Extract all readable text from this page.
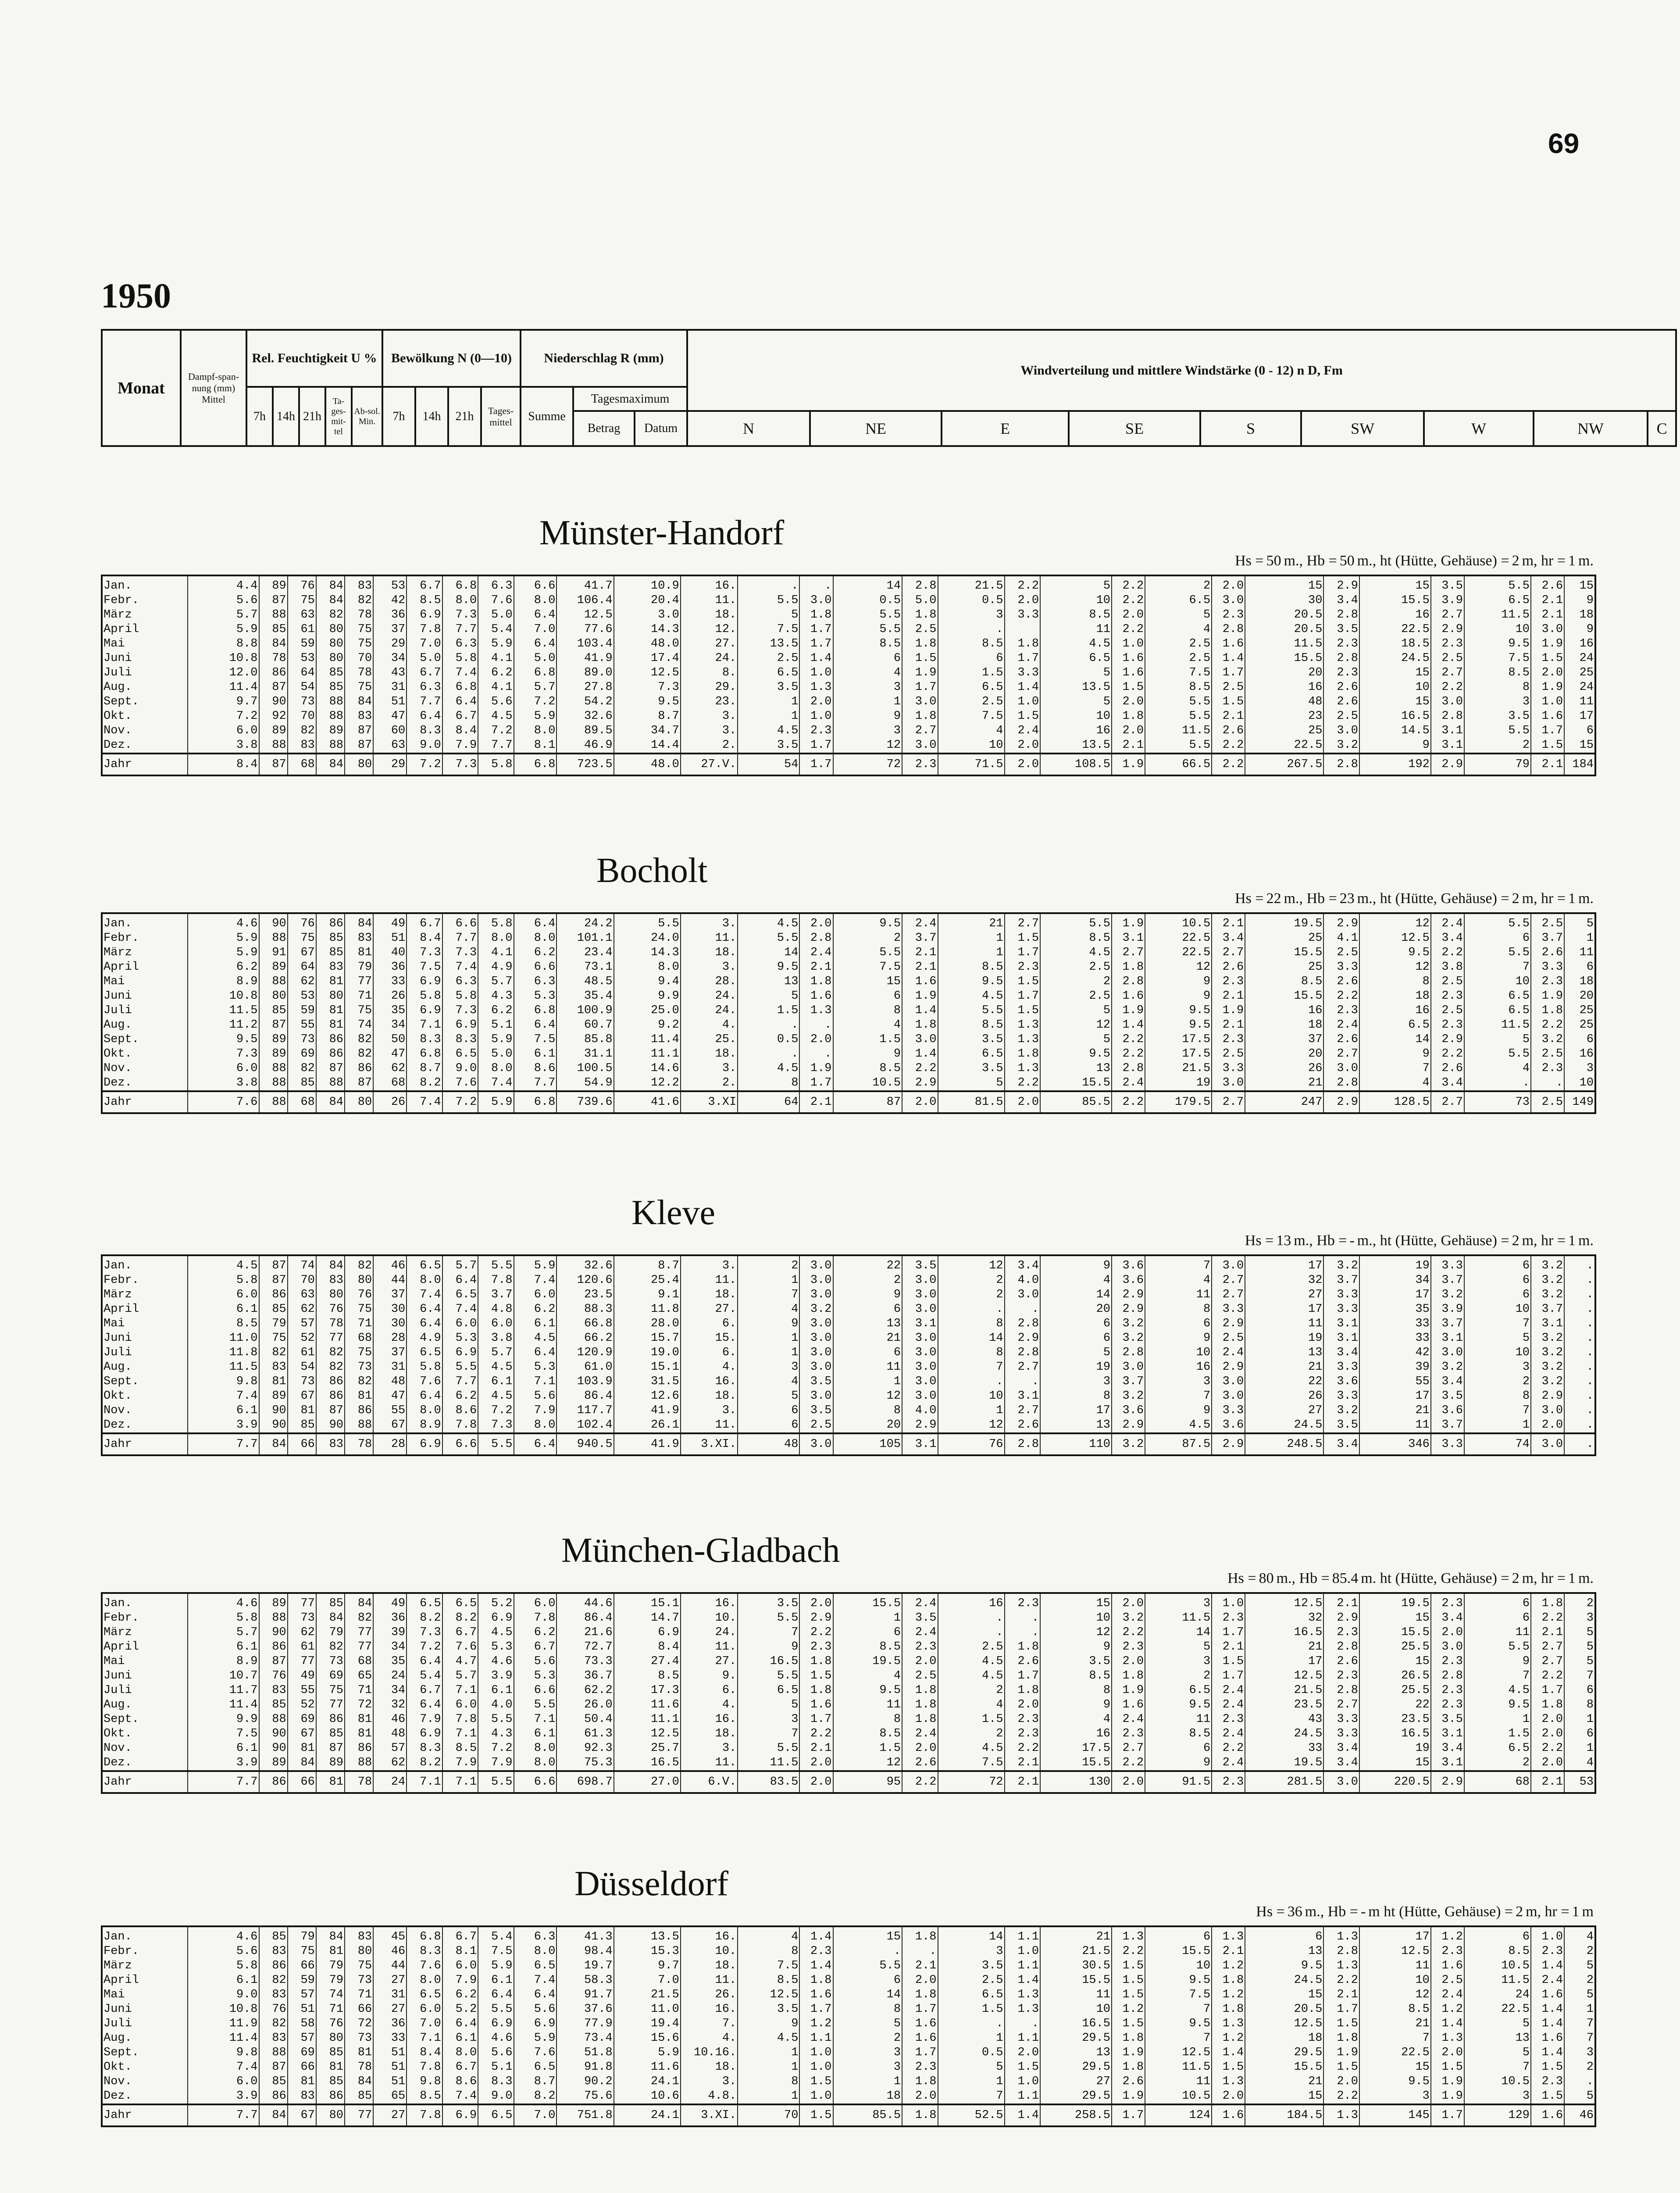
69
1950
Monat	Dampf-span-nung (mm) Mittel	Rel. Feuchtigkeit U %					Bewölkung N (0—10)				Niederschlag R (mm)			Windverteilung und mittlere Windstärke (0 - 12) n D, Fm								
		7h	14h	21h	Ta-ges-mit-tel	Ab-sol. Min.	7h	14h	21h	Tages-mittel	Summe	Tagesmaximum										
												Betrag	Datum	N	NE	E	SE	S	SW	W	NW	C
Münster-Handorf
Hs = 50 m., Hb = 50 m., ht (Hütte, Gehäuse) = 2 m, hr = 1 m.
Jan.	4.4	89	76	84	83	53	6.7	6.8	6.3	6.6	41.7	10.9	16.	.	.	14	2.8	21.5	2.2	5	2.2	2	2.0	15	2.9	15	3.5	5.5	2.6	15
Febr.	5.6	87	75	84	82	42	8.5	8.0	7.6	8.0	106.4	20.4	11.	5.5	3.0	0.5	5.0	0.5	2.0	10	2.2	6.5	3.0	30	3.4	15.5	3.9	6.5	2.1	9
März	5.7	88	63	82	78	36	6.9	7.3	5.0	6.4	12.5	3.0	18.	5	1.8	5.5	1.8	3	3.3	8.5	2.0	5	2.3	20.5	2.8	16	2.7	11.5	2.1	18
April	5.9	85	61	80	75	37	7.8	7.7	5.4	7.0	77.6	14.3	12.	7.5	1.7	5.5	2.5	.		11	2.2	4	2.8	20.5	3.5	22.5	2.9	10	3.0	9
Mai	8.8	84	59	80	75	29	7.0	6.3	5.9	6.4	103.4	48.0	27.	13.5	1.7	8.5	1.8	8.5	1.8	4.5	1.0	2.5	1.6	11.5	2.3	18.5	2.3	9.5	1.9	16
Juni	10.8	78	53	80	70	34	5.0	5.8	4.1	5.0	41.9	17.4	24.	2.5	1.4	6	1.5	6	1.7	6.5	1.6	2.5	1.4	15.5	2.8	24.5	2.5	7.5	1.5	24
Juli	12.0	86	64	85	78	43	6.7	7.4	6.2	6.8	89.0	12.5	8.	6.5	1.0	4	1.9	1.5	3.3	5	1.6	7.5	1.7	20	2.3	15	2.7	8.5	2.0	25
Aug.	11.4	87	54	85	75	31	6.3	6.8	4.1	5.7	27.8	7.3	29.	3.5	1.3	3	1.7	6.5	1.4	13.5	1.5	8.5	2.5	16	2.6	10	2.2	8	1.9	24
Sept.	9.7	90	73	88	84	51	7.7	6.4	5.6	7.2	54.2	9.5	23.	1	2.0	1	3.0	2.5	1.0	5	2.0	5.5	1.5	48	2.6	15	3.0	3	1.0	11
Okt.	7.2	92	70	88	83	47	6.4	6.7	4.5	5.9	32.6	8.7	3.	1	1.0	9	1.8	7.5	1.5	10	1.8	5.5	2.1	23	2.5	16.5	2.8	3.5	1.6	17
Nov.	6.0	89	82	89	87	60	8.3	8.4	7.2	8.0	89.5	34.7	3.	4.5	2.3	3	2.7	4	2.4	16	2.0	11.5	2.6	25	3.0	14.5	3.1	5.5	1.7	6
Dez.	3.8	88	83	88	87	63	9.0	7.9	7.7	8.1	46.9	14.4	2.	3.5	1.7	12	3.0	10	2.0	13.5	2.1	5.5	2.2	22.5	3.2	9	3.1	2	1.5	15
Jahr	8.4	87	68	84	80	29	7.2	7.3	5.8	6.8	723.5	48.0	27.V.	54	1.7	72	2.3	71.5	2.0	108.5	1.9	66.5	2.2	267.5	2.8	192	2.9	79	2.1	184
Bocholt
Hs = 22 m., Hb = 23 m., ht (Hütte, Gehäuse) = 2 m, hr = 1 m.
Jan.	4.6	90	76	86	84	49	6.7	6.6	5.8	6.4	24.2	5.5	3.	4.5	2.0	9.5	2.4	21	2.7	5.5	1.9	10.5	2.1	19.5	2.9	12	2.4	5.5	2.5	5
Febr.	5.9	88	75	85	83	51	8.4	7.7	8.0	8.0	101.1	24.0	11.	5.5	2.8	2	3.7	1	1.5	8.5	3.1	22.5	3.4	25	4.1	12.5	3.4	6	3.7	1
März	5.9	91	67	85	81	40	7.3	7.3	4.1	6.2	23.4	14.3	18.	14	2.4	5.5	2.1	1	1.7	4.5	2.7	22.5	2.7	15.5	2.5	9.5	2.2	5.5	2.6	11
April	6.2	89	64	83	79	36	7.5	7.4	4.9	6.6	73.1	8.0	3.	9.5	2.1	7.5	2.1	8.5	2.3	2.5	1.8	12	2.6	25	3.3	12	3.8	7	3.3	6
Mai	8.9	88	62	81	77	33	6.9	6.3	5.7	6.3	48.5	9.4	28.	13	1.8	15	1.6	9.5	1.5	2	2.8	9	2.3	8.5	2.6	8	2.5	10	2.3	18
Juni	10.8	80	53	80	71	26	5.8	5.8	4.3	5.3	35.4	9.9	24.	5	1.6	6	1.9	4.5	1.7	2.5	1.6	9	2.1	15.5	2.2	18	2.3	6.5	1.9	20
Juli	11.5	85	59	81	75	35	6.9	7.3	6.2	6.8	100.9	25.0	24.	1.5	1.3	8	1.4	5.5	1.5	5	1.9	9.5	1.9	16	2.3	16	2.5	6.5	1.8	25
Aug.	11.2	87	55	81	74	34	7.1	6.9	5.1	6.4	60.7	9.2	4.	.	.	4	1.8	8.5	1.3	12	1.4	9.5	2.1	18	2.4	6.5	2.3	11.5	2.2	25
Sept.	9.5	89	73	86	82	50	8.3	8.3	5.9	7.5	85.8	11.4	25.	0.5	2.0	1.5	3.0	3.5	1.3	5	2.2	17.5	2.3	37	2.6	14	2.9	5	3.2	6
Okt.	7.3	89	69	86	82	47	6.8	6.5	5.0	6.1	31.1	11.1	18.	.	.	9	1.4	6.5	1.8	9.5	2.2	17.5	2.5	20	2.7	9	2.2	5.5	2.5	16
Nov.	6.0	88	82	87	86	62	8.7	9.0	8.0	8.6	100.5	14.6	3.	4.5	1.9	8.5	2.2	3.5	1.3	13	2.8	21.5	3.3	26	3.0	7	2.6	4	2.3	3
Dez.	3.8	88	85	88	87	68	8.2	7.6	7.4	7.7	54.9	12.2	2.	8	1.7	10.5	2.9	5	2.2	15.5	2.4	19	3.0	21	2.8	4	3.4	.	.	10
Jahr	7.6	88	68	84	80	26	7.4	7.2	5.9	6.8	739.6	41.6	3.XI	64	2.1	87	2.0	81.5	2.0	85.5	2.2	179.5	2.7	247	2.9	128.5	2.7	73	2.5	149
Kleve
Hs = 13 m., Hb = - m., ht (Hütte, Gehäuse) = 2 m, hr = 1 m.
Jan.	4.5	87	74	84	82	46	6.5	5.7	5.5	5.9	32.6	8.7	3.	2	3.0	22	3.5	12	3.4	9	3.6	7	3.0	17	3.2	19	3.3	6	3.2	.
Febr.	5.8	87	70	83	80	44	8.0	6.4	7.8	7.4	120.6	25.4	11.	1	3.0	2	3.0	2	4.0	4	3.6	4	2.7	32	3.7	34	3.7	6	3.2	.
März	6.0	86	63	80	76	37	7.4	6.5	3.7	6.0	23.5	9.1	18.	7	3.0	9	3.0	2	3.0	14	2.9	11	2.7	27	3.3	17	3.2	6	3.2	.
April	6.1	85	62	76	75	30	6.4	7.4	4.8	6.2	88.3	11.8	27.	4	3.2	6	3.0	.	.	20	2.9	8	3.3	17	3.3	35	3.9	10	3.7	.
Mai	8.5	79	57	78	71	30	6.4	6.0	6.0	6.1	66.8	28.0	6.	9	3.0	13	3.1	8	2.8	6	3.2	6	2.9	11	3.1	33	3.7	7	3.1	.
Juni	11.0	75	52	77	68	28	4.9	5.3	3.8	4.5	66.2	15.7	15.	1	3.0	21	3.0	14	2.9	6	3.2	9	2.5	19	3.1	33	3.1	5	3.2	.
Juli	11.8	82	61	82	75	37	6.5	6.9	5.7	6.4	120.9	19.0	6.	1	3.0	6	3.0	8	2.8	5	2.8	10	2.4	13	3.4	42	3.0	10	3.2	.
Aug.	11.5	83	54	82	73	31	5.8	5.5	4.5	5.3	61.0	15.1	4.	3	3.0	11	3.0	7	2.7	19	3.0	16	2.9	21	3.3	39	3.2	3	3.2	.
Sept.	9.8	81	73	86	82	48	7.6	7.7	6.1	7.1	103.9	31.5	16.	4	3.5	1	3.0	.	.	3	3.7	3	3.0	22	3.6	55	3.4	2	3.2	.
Okt.	7.4	89	67	86	81	47	6.4	6.2	4.5	5.6	86.4	12.6	18.	5	3.0	12	3.0	10	3.1	8	3.2	7	3.0	26	3.3	17	3.5	8	2.9	.
Nov.	6.1	90	81	87	86	55	8.0	8.6	7.2	7.9	117.7	41.9	3.	6	3.5	8	4.0	1	2.7	17	3.6	9	3.3	27	3.2	21	3.6	7	3.0	.
Dez.	3.9	90	85	90	88	67	8.9	7.8	7.3	8.0	102.4	26.1	11.	6	2.5	20	2.9	12	2.6	13	2.9	4.5	3.6	24.5	3.5	11	3.7	1	2.0	.
Jahr	7.7	84	66	83	78	28	6.9	6.6	5.5	6.4	940.5	41.9	3.XI.	48	3.0	105	3.1	76	2.8	110	3.2	87.5	2.9	248.5	3.4	346	3.3	74	3.0	.
München-Gladbach
Hs = 80 m., Hb = 85.4 m. ht (Hütte, Gehäuse) = 2 m, hr = 1 m.
Jan.	4.6	89	77	85	84	49	6.5	6.5	5.2	6.0	44.6	15.1	16.	3.5	2.0	15.5	2.4	16	2.3	15	2.0	3	1.0	12.5	2.1	19.5	2.3	6	1.8	2
Febr.	5.8	88	73	84	82	36	8.2	8.2	6.9	7.8	86.4	14.7	10.	5.5	2.9	1	3.5	.	.	10	3.2	11.5	2.3	32	2.9	15	3.4	6	2.2	3
März	5.7	90	62	79	77	39	7.3	6.7	4.5	6.2	21.6	6.9	24.	7	2.2	6	2.4	.	.	12	2.2	14	1.7	16.5	2.3	15.5	2.0	11	2.1	5
April	6.1	86	61	82	77	34	7.2	7.6	5.3	6.7	72.7	8.4	11.	9	2.3	8.5	2.3	2.5	1.8	9	2.3	5	2.1	21	2.8	25.5	3.0	5.5	2.7	5
Mai	8.9	87	77	73	68	35	6.4	4.7	4.6	5.6	73.3	27.4	27.	16.5	1.8	19.5	2.0	4.5	2.6	3.5	2.0	3	1.5	17	2.6	15	2.3	9	2.7	5
Juni	10.7	76	49	69	65	24	5.4	5.7	3.9	5.3	36.7	8.5	9.	5.5	1.5	4	2.5	4.5	1.7	8.5	1.8	2	1.7	12.5	2.3	26.5	2.8	7	2.2	7
Juli	11.7	83	55	75	71	34	6.7	7.1	6.1	6.6	62.2	17.3	6.	6.5	1.8	9.5	1.8	2	1.8	8	1.9	6.5	2.4	21.5	2.8	25.5	2.3	4.5	1.7	6
Aug.	11.4	85	52	77	72	32	6.4	6.0	4.0	5.5	26.0	11.6	4.	5	1.6	11	1.8	4	2.0	9	1.6	9.5	2.4	23.5	2.7	22	2.3	9.5	1.8	8
Sept.	9.9	88	69	86	81	46	7.9	7.8	5.5	7.1	50.4	11.1	16.	3	1.7	8	1.8	1.5	2.3	4	2.4	11	2.3	43	3.3	23.5	3.5	1	2.0	1
Okt.	7.5	90	67	85	81	48	6.9	7.1	4.3	6.1	61.3	12.5	18.	7	2.2	8.5	2.4	2	2.3	16	2.3	8.5	2.4	24.5	3.3	16.5	3.1	1.5	2.0	6
Nov.	6.1	90	81	87	86	57	8.3	8.5	7.2	8.0	92.3	25.7	3.	5.5	2.1	1.5	2.0	4.5	2.2	17.5	2.7	6	2.2	33	3.4	19	3.4	6.5	2.2	1
Dez.	3.9	89	84	89	88	62	8.2	7.9	7.9	8.0	75.3	16.5	11.	11.5	2.0	12	2.6	7.5	2.1	15.5	2.2	9	2.4	19.5	3.4	15	3.1	2	2.0	4
Jahr	7.7	86	66	81	78	24	7.1	7.1	5.5	6.6	698.7	27.0	6.V.	83.5	2.0	95	2.2	72	2.1	130	2.0	91.5	2.3	281.5	3.0	220.5	2.9	68	2.1	53
Düsseldorf
Hs = 36 m., Hb = - m ht (Hütte, Gehäuse) = 2 m, hr = 1 m
Jan.	4.6	85	79	84	83	45	6.8	6.7	5.4	6.3	41.3	13.5	16.	4	1.4	15	1.8	14	1.1	21	1.3	6	1.3	6	1.3	17	1.2	6	1.0	4
Febr.	5.6	83	75	81	80	46	8.3	8.1	7.5	8.0	98.4	15.3	10.	8	2.3	.	.	3	1.0	21.5	2.2	15.5	2.1	13	2.8	12.5	2.3	8.5	2.3	2
März	5.8	86	66	79	75	44	7.6	6.0	5.9	6.5	19.7	9.7	18.	7.5	1.4	5.5	2.1	3.5	1.1	30.5	1.5	10	1.2	9.5	1.3	11	1.6	10.5	1.4	5
April	6.1	82	59	79	73	27	8.0	7.9	6.1	7.4	58.3	7.0	11.	8.5	1.8	6	2.0	2.5	1.4	15.5	1.5	9.5	1.8	24.5	2.2	10	2.5	11.5	2.4	2
Mai	9.0	83	57	74	71	31	6.5	6.2	6.4	6.4	91.7	21.5	26.	12.5	1.6	14	1.8	6.5	1.3	11	1.5	7.5	1.2	15	2.1	12	2.4	24	1.6	5
Juni	10.8	76	51	71	66	27	6.0	5.2	5.5	5.6	37.6	11.0	16.	3.5	1.7	8	1.7	1.5	1.3	10	1.2	7	1.8	20.5	1.7	8.5	1.2	22.5	1.4	1
Juli	11.9	82	58	76	72	36	7.0	6.4	6.9	6.9	77.9	19.4	7.	9	1.2	5	1.6	.	.	16.5	1.5	9.5	1.3	12.5	1.5	21	1.4	5	1.4	7
Aug.	11.4	83	57	80	73	33	7.1	6.1	4.6	5.9	73.4	15.6	4.	4.5	1.1	2	1.6	1	1.1	29.5	1.8	7	1.2	18	1.8	7	1.3	13	1.6	7
Sept.	9.8	88	69	85	81	51	8.4	8.0	5.6	7.6	51.8	5.9	10.16.	1	1.0	3	1.7	0.5	2.0	13	1.9	12.5	1.4	29.5	1.9	22.5	2.0	5	1.4	3
Okt.	7.4	87	66	81	78	51	7.8	6.7	5.1	6.5	91.8	11.6	18.	1	1.0	3	2.3	5	1.5	29.5	1.8	11.5	1.5	15.5	1.5	15	1.5	7	1.5	2
Nov.	6.0	85	81	85	84	51	9.8	8.6	8.3	8.7	90.2	24.1	3.	8	1.5	1	1.8	1	1.0	27	2.6	11	1.3	21	2.0	9.5	1.9	10.5	2.3	.
Dez.	3.9	86	83	86	85	65	8.5	7.4	9.0	8.2	75.6	10.6	4.8.	1	1.0	18	2.0	7	1.1	29.5	1.9	10.5	2.0	15	2.2	3	1.9	3	1.5	5
Jahr	7.7	84	67	80	77	27	7.8	6.9	6.5	7.0	751.8	24.1	3.XI.	70	1.5	85.5	1.8	52.5	1.4	258.5	1.7	124	1.6	184.5	1.3	145	1.7	129	1.6	46
